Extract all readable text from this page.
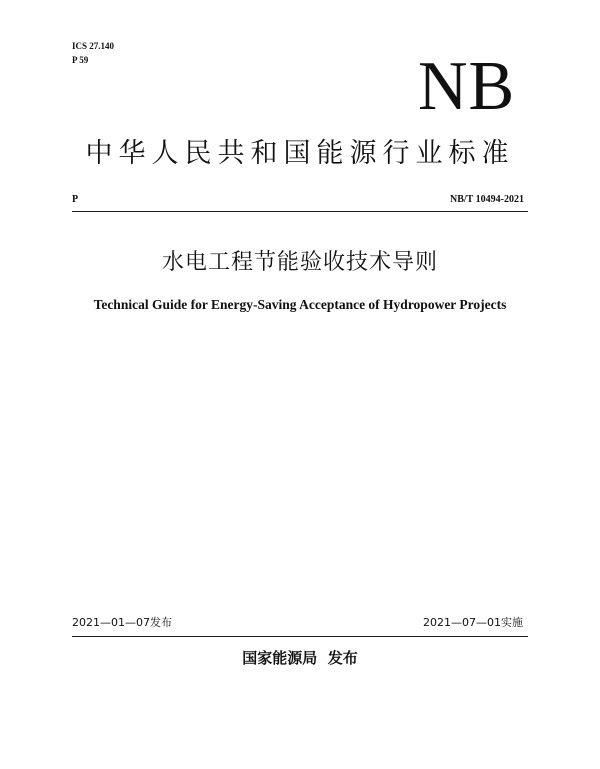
ICS 27.140
P 59	NB
中华人民共和国能源行业标准
P	NB/T 10494-2021
水电工程节能验收技术导则
Technical Guide for Energy-Saving Acceptance of Hydropower Projects
2021—01—07发布	2021—07—01实施
国家能源局  发布
